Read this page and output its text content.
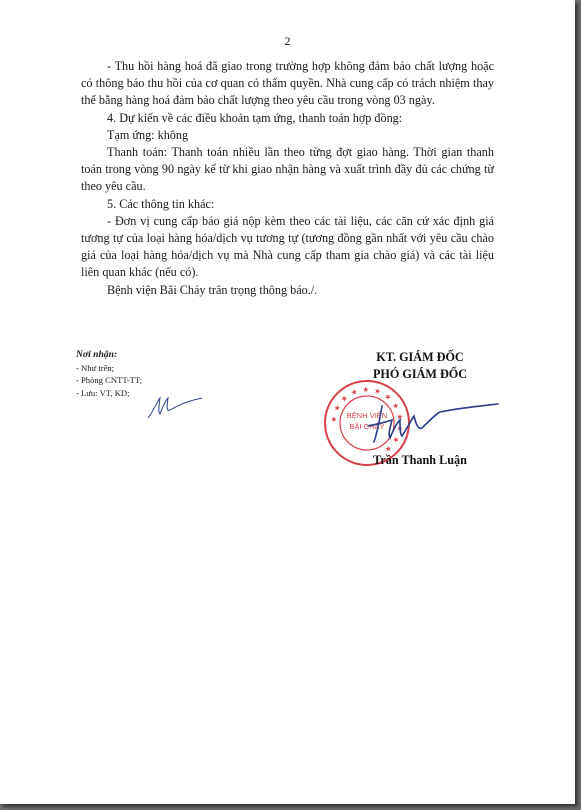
2

- Thu hồi hàng hoá đã giao trong trường hợp không đảm bảo chất lượng hoặc có thông báo thu hồi của cơ quan có thẩm quyền. Nhà cung cấp có trách nhiệm thay thế bằng hàng hoá đảm bảo chất lượng theo yêu cầu trong vòng 03 ngày.

4. Dự kiến về các điều khoản tạm ứng, thanh toán hợp đồng:

Tạm ứng: không

Thanh toán: Thanh toán nhiều lần theo từng đợt giao hàng. Thời gian thanh toán trong vòng 90 ngày kể từ khi giao nhận hàng và xuất trình đầy đủ các chứng từ theo yêu cầu.

5. Các thông tin khác:

- Đơn vị cung cấp báo giá nộp kèm theo các tài liệu, các căn cứ xác định giá tương tự của loại hàng hóa/dịch vụ tương tự (tương đồng gần nhất với yêu cầu chào giá của loại hàng hóa/dịch vụ mà Nhà cung cấp tham gia chào giá) và các tài liệu liên quan khác (nếu có).

Bệnh viện Bãi Cháy trân trọng thông báo./.

Nơi nhận:
- Như trên;
- Phòng CNTT-TT;
- Lưu: VT, KD;
KT. GIÁM ĐỐC
PHÓ GIÁM ĐỐC
★ ★ ★ ★ ★ ★ ★ ★ ★ ★ ★ ★
BỆNH VIỆN
BÃI CHÁY
Trần Thanh Luận
